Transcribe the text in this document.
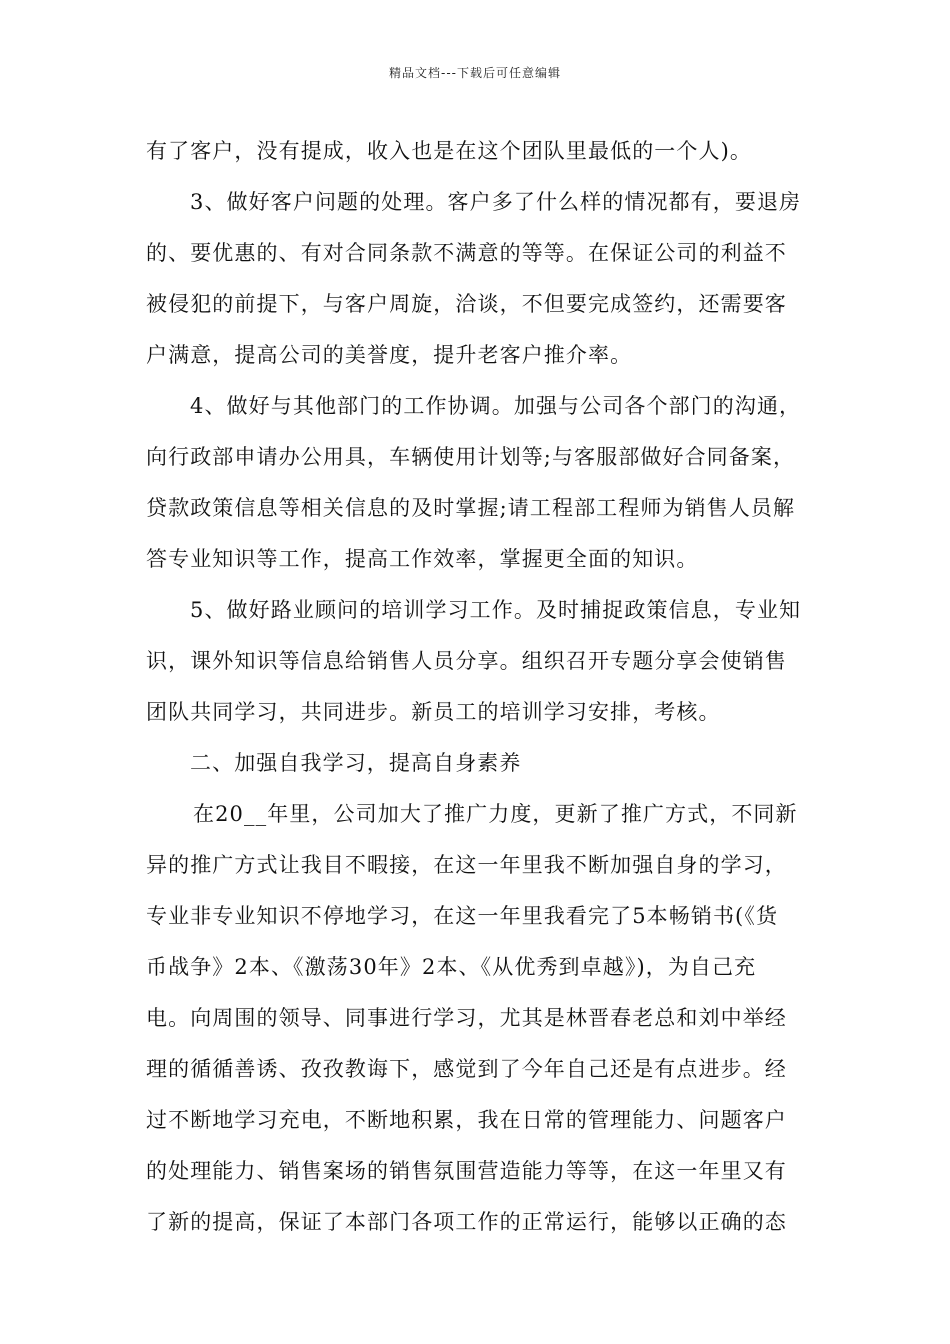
精品文档---下载后可任意编辑
有了客户，没有提成，收入也是在这个团队里最低的一个人)。
3、做好客户问题的处理。客户多了什么样的情况都有，要退房
的、要优惠的、有对合同条款不满意的等等。在保证公司的利益不
被侵犯的前提下，与客户周旋，洽谈，不但要完成签约，还需要客
户满意，提高公司的美誉度，提升老客户推介率。
4、做好与其他部门的工作协调。加强与公司各个部门的沟通，
向行政部申请办公用具，车辆使用计划等;与客服部做好合同备案，
贷款政策信息等相关信息的及时掌握;请工程部工程师为销售人员解
答专业知识等工作，提高工作效率，掌握更全面的知识。
5、做好路业顾问的培训学习工作。及时捕捉政策信息，专业知
识，课外知识等信息给销售人员分享。组织召开专题分享会使销售
团队共同学习，共同进步。新员工的培训学习安排，考核。
二、加强自我学习，提高自身素养
在20__年里，公司加大了推广力度，更新了推广方式，不同新
异的推广方式让我目不暇接，在这一年里我不断加强自身的学习，
专业非专业知识不停地学习，在这一年里我看完了5本畅销书(《货
币战争》2本、《激荡30年》2本、《从优秀到卓越》)，为自己充
电。向周围的领导、同事进行学习，尤其是林晋春老总和刘中举经
理的循循善诱、孜孜教诲下，感觉到了今年自己还是有点进步。经
过不断地学习充电，不断地积累，我在日常的管理能力、问题客户
的处理能力、销售案场的销售氛围营造能力等等，在这一年里又有
了新的提高，保证了本部门各项工作的正常运行，能够以正确的态
